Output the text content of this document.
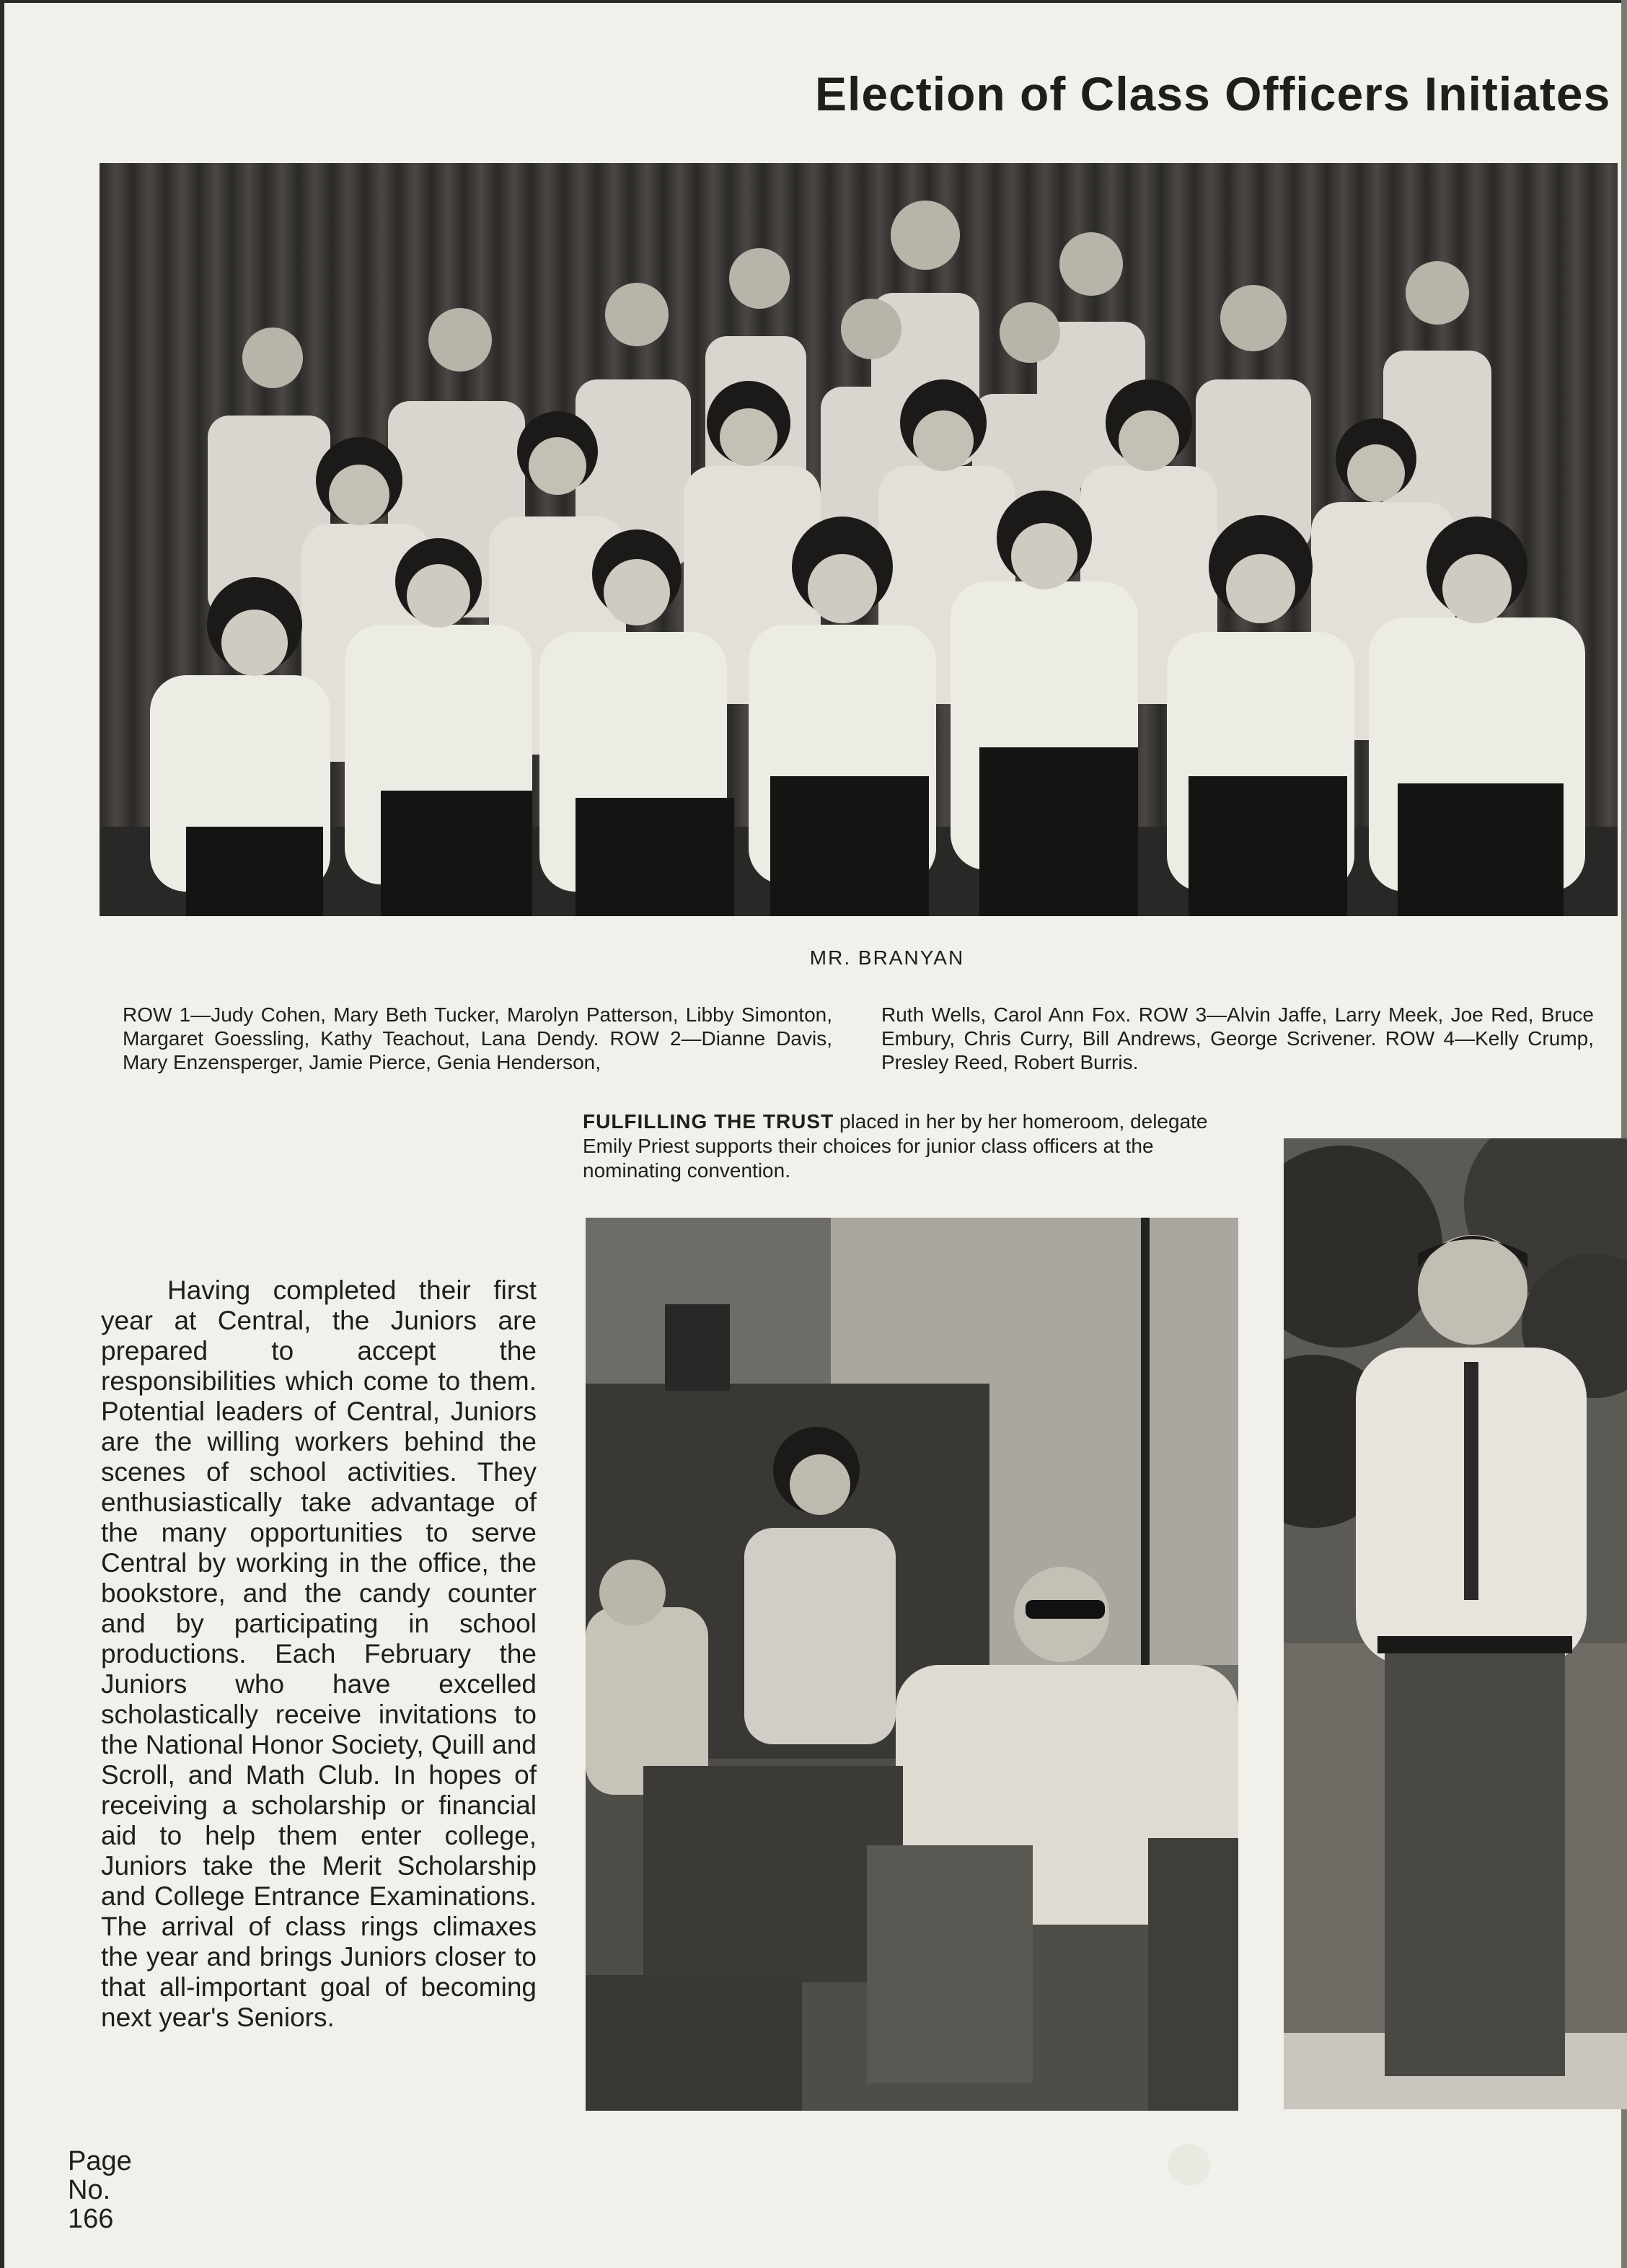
Election of Class Officers Initiates
MR. BRANYAN
ROW 1—Judy Cohen, Mary Beth Tucker, Marolyn Patterson, Libby Simonton, Margaret Goessling, Kathy Teachout, Lana Dendy. ROW 2—Dianne Davis, Mary Enzensperger, Jamie Pierce, Genia Henderson,
Ruth Wells, Carol Ann Fox. ROW 3—Alvin Jaffe, Larry Meek, Joe Red, Bruce Embury, Chris Curry, Bill Andrews, George Scrivener. ROW 4—Kelly Crump, Presley Reed, Robert Burris.
FULFILLING THE TRUST placed in her by her homeroom, delegate Emily Priest supports their choices for junior class officers at the nominating convention.
Having completed their first year at Central, the Juniors are prepared to accept the responsibilities which come to them. Potential leaders of Central, Juniors are the willing workers behind the scenes of school activities. They enthusiastically take advantage of the many opportunities to serve Central by working in the office, the bookstore, and the candy counter and by participating in school productions. Each February the Juniors who have excelled scholastically receive invitations to the National Honor Society, Quill and Scroll, and Math Club. In hopes of receiving a scholarship or financial aid to help them enter college, Juniors take the Merit Scholarship and College Entrance Examinations. The arrival of class rings climaxes the year and brings Juniors closer to that all-important goal of becoming next year's Seniors.
Page
No.
166
